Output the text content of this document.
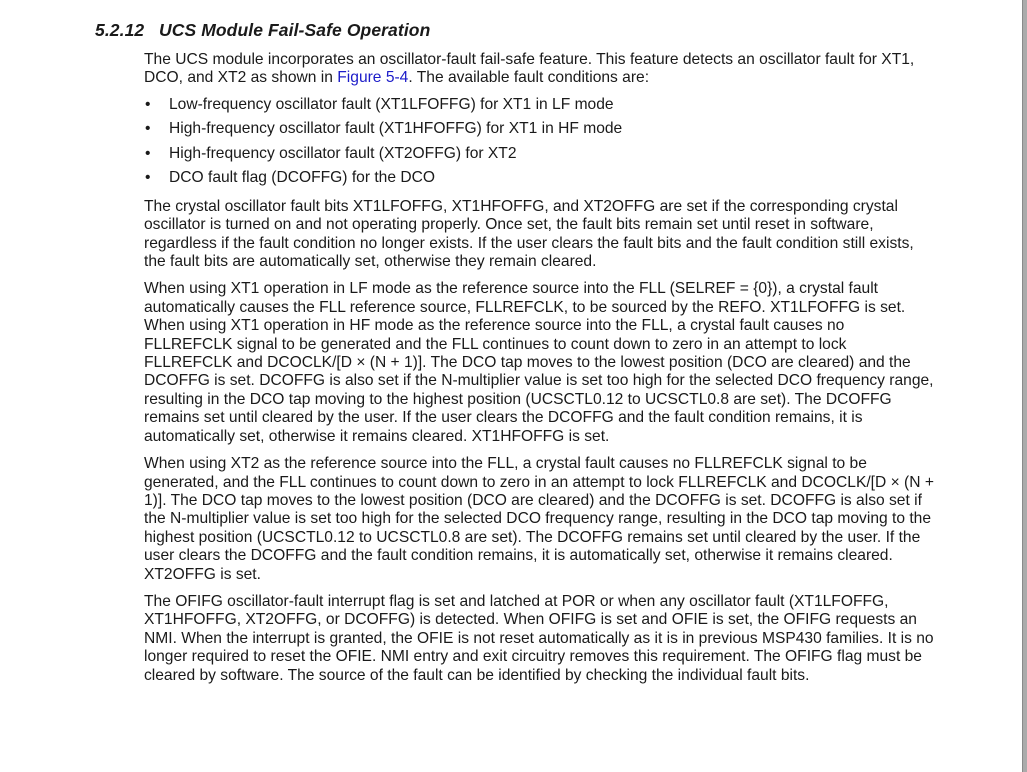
5.2.12 UCS Module Fail-Safe Operation

The UCS module incorporates an oscillator-fault fail-safe feature. This feature detects an oscillator fault for XT1, DCO, and XT2 as shown in Figure 5-4. The available fault conditions are:

• Low-frequency oscillator fault (XT1LFOFFG) for XT1 in LF mode
• High-frequency oscillator fault (XT1HFOFFG) for XT1 in HF mode
• High-frequency oscillator fault (XT2OFFG) for XT2
• DCO fault flag (DCOFFG) for the DCO

The crystal oscillator fault bits XT1LFOFFG, XT1HFOFFG, and XT2OFFG are set if the corresponding crystal oscillator is turned on and not operating properly. Once set, the fault bits remain set until reset in software, regardless if the fault condition no longer exists. If the user clears the fault bits and the fault condition still exists, the fault bits are automatically set, otherwise they remain cleared.

When using XT1 operation in LF mode as the reference source into the FLL (SELREF = {0}), a crystal fault automatically causes the FLL reference source, FLLREFCLK, to be sourced by the REFO. XT1LFOFFG is set. When using XT1 operation in HF mode as the reference source into the FLL, a crystal fault causes no FLLREFCLK signal to be generated and the FLL continues to count down to zero in an attempt to lock FLLREFCLK and DCOCLK/[D × (N + 1)]. The DCO tap moves to the lowest position (DCO are cleared) and the DCOFFG is set. DCOFFG is also set if the N-multiplier value is set too high for the selected DCO frequency range, resulting in the DCO tap moving to the highest position (UCSCTL0.12 to UCSCTL0.8 are set). The DCOFFG remains set until cleared by the user. If the user clears the DCOFFG and the fault condition remains, it is automatically set, otherwise it remains cleared. XT1HFOFFG is set.

When using XT2 as the reference source into the FLL, a crystal fault causes no FLLREFCLK signal to be generated, and the FLL continues to count down to zero in an attempt to lock FLLREFCLK and DCOCLK/[D × (N + 1)]. The DCO tap moves to the lowest position (DCO are cleared) and the DCOFFG is set. DCOFFG is also set if the N-multiplier value is set too high for the selected DCO frequency range, resulting in the DCO tap moving to the highest position (UCSCTL0.12 to UCSCTL0.8 are set). The DCOFFG remains set until cleared by the user. If the user clears the DCOFFG and the fault condition remains, it is automatically set, otherwise it remains cleared. XT2OFFG is set.

The OFIFG oscillator-fault interrupt flag is set and latched at POR or when any oscillator fault (XT1LFOFFG, XT1HFOFFG, XT2OFFG, or DCOFFG) is detected. When OFIFG is set and OFIE is set, the OFIFG requests an NMI. When the interrupt is granted, the OFIE is not reset automatically as it is in previous MSP430 families. It is no longer required to reset the OFIE. NMI entry and exit circuitry removes this requirement. The OFIFG flag must be cleared by software. The source of the fault can be identified by checking the individual fault bits.
